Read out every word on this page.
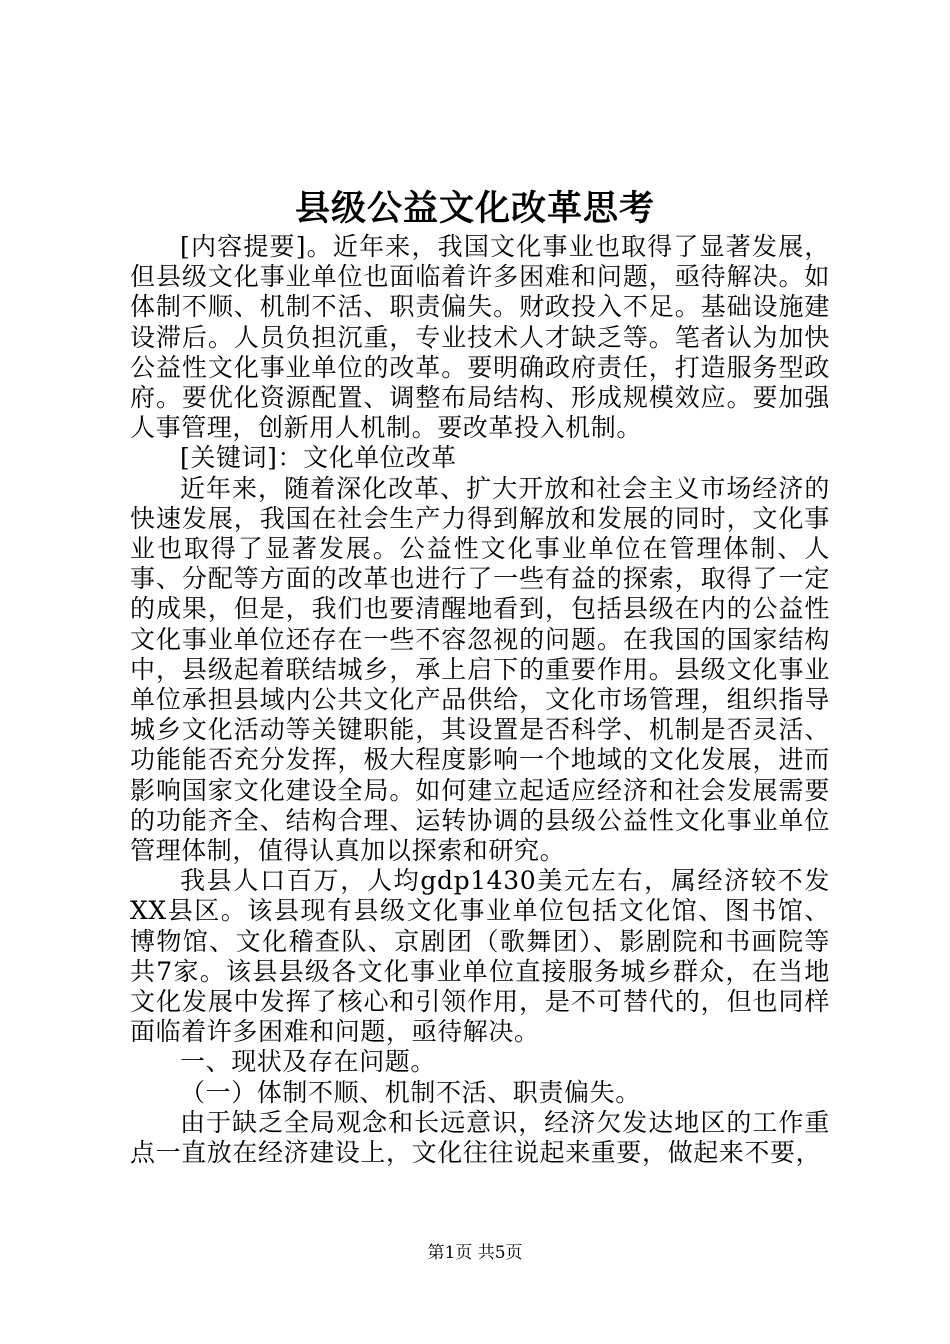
县级公益文化改革思考

[内容提要]。近年来，我国文化事业也取得了显著发展，但县级文化事业单位也面临着许多困难和问题，亟待解决。如体制不顺、机制不活、职责偏失。财政投入不足。基础设施建设滞后。人员负担沉重，专业技术人才缺乏等。笔者认为加快公益性文化事业单位的改革。要明确政府责任，打造服务型政府。要优化资源配置、调整布局结构、形成规模效应。要加强人事管理，创新用人机制。要改革投入机制。

[关键词]：文化单位改革

近年来，随着深化改革、扩大开放和社会主义市场经济的快速发展，我国在社会生产力得到解放和发展的同时，文化事业也取得了显著发展。公益性文化事业单位在管理体制、人事、分配等方面的改革也进行了一些有益的探索，取得了一定的成果，但是，我们也要清醒地看到，包括县级在内的公益性文化事业单位还存在一些不容忽视的问题。在我国的国家结构中，县级起着联结城乡，承上启下的重要作用。县级文化事业单位承担县域内公共文化产品供给，文化市场管理，组织指导城乡文化活动等关键职能，其设置是否科学、机制是否灵活、功能能否充分发挥，极大程度影响一个地域的文化发展，进而影响国家文化建设全局。如何建立起适应经济和社会发展需要的功能齐全、结构合理、运转协调的县级公益性文化事业单位管理体制，值得认真加以探索和研究。

我县人口百万，人均gdp1430美元左右，属经济较不发XX县区。该县现有县级文化事业单位包括文化馆、图书馆、博物馆、文化稽查队、京剧团（歌舞团）、影剧院和书画院等共7家。该县县级各文化事业单位直接服务城乡群众，在当地文化发展中发挥了核心和引领作用，是不可替代的，但也同样面临着许多困难和问题，亟待解决。

一、现状及存在问题。

（一）体制不顺、机制不活、职责偏失。

由于缺乏全局观念和长远意识，经济欠发达地区的工作重点一直放在经济建设上，文化往往说起来重要，做起来不要，

第1页 共5页
